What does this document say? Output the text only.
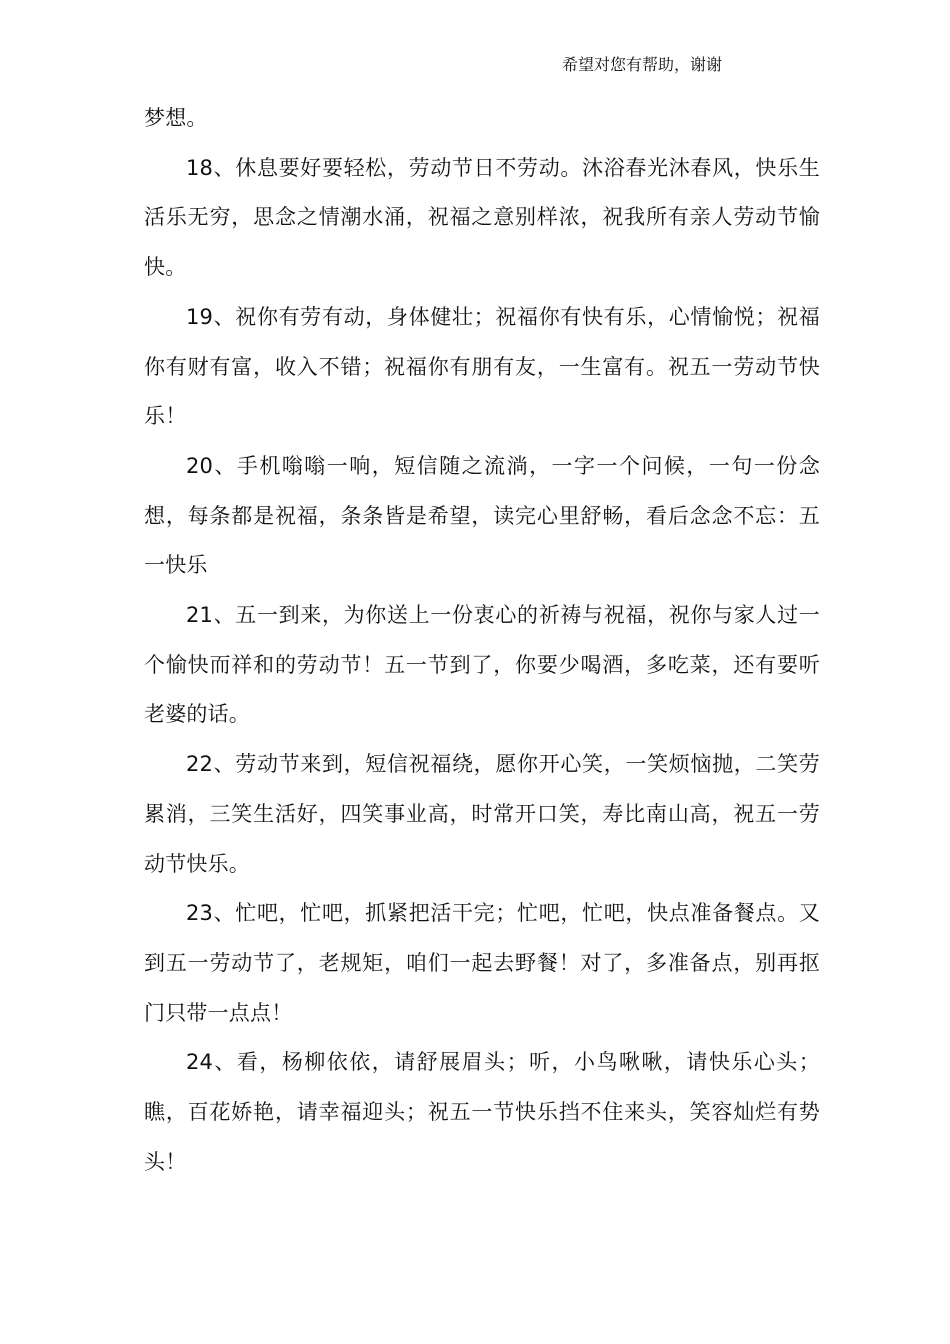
希望对您有帮助，谢谢

梦想。

18、休息要好要轻松，劳动节日不劳动。沐浴春光沐春风，快乐生活乐无穷，思念之情潮水涌，祝福之意别样浓，祝我所有亲人劳动节愉快。

19、祝你有劳有动，身体健壮；祝福你有快有乐，心情愉悦；祝福你有财有富，收入不错；祝福你有朋有友，一生富有。祝五一劳动节快乐！

20、手机嗡嗡一响，短信随之流淌，一字一个问候，一句一份念想，每条都是祝福，条条皆是希望，读完心里舒畅，看后念念不忘：五一快乐

21、五一到来，为你送上一份衷心的祈祷与祝福，祝你与家人过一个愉快而祥和的劳动节！五一节到了，你要少喝酒，多吃菜，还有要听老婆的话。

22、劳动节来到，短信祝福绕，愿你开心笑，一笑烦恼抛，二笑劳累消，三笑生活好，四笑事业高，时常开口笑，寿比南山高，祝五一劳动节快乐。

23、忙吧，忙吧，抓紧把活干完；忙吧，忙吧，快点准备餐点。又到五一劳动节了，老规矩，咱们一起去野餐！对了，多准备点，别再抠门只带一点点！

24、看，杨柳依依，请舒展眉头；听，小鸟啾啾，请快乐心头；瞧，百花娇艳，请幸福迎头；祝五一节快乐挡不住来头，笑容灿烂有势头！
